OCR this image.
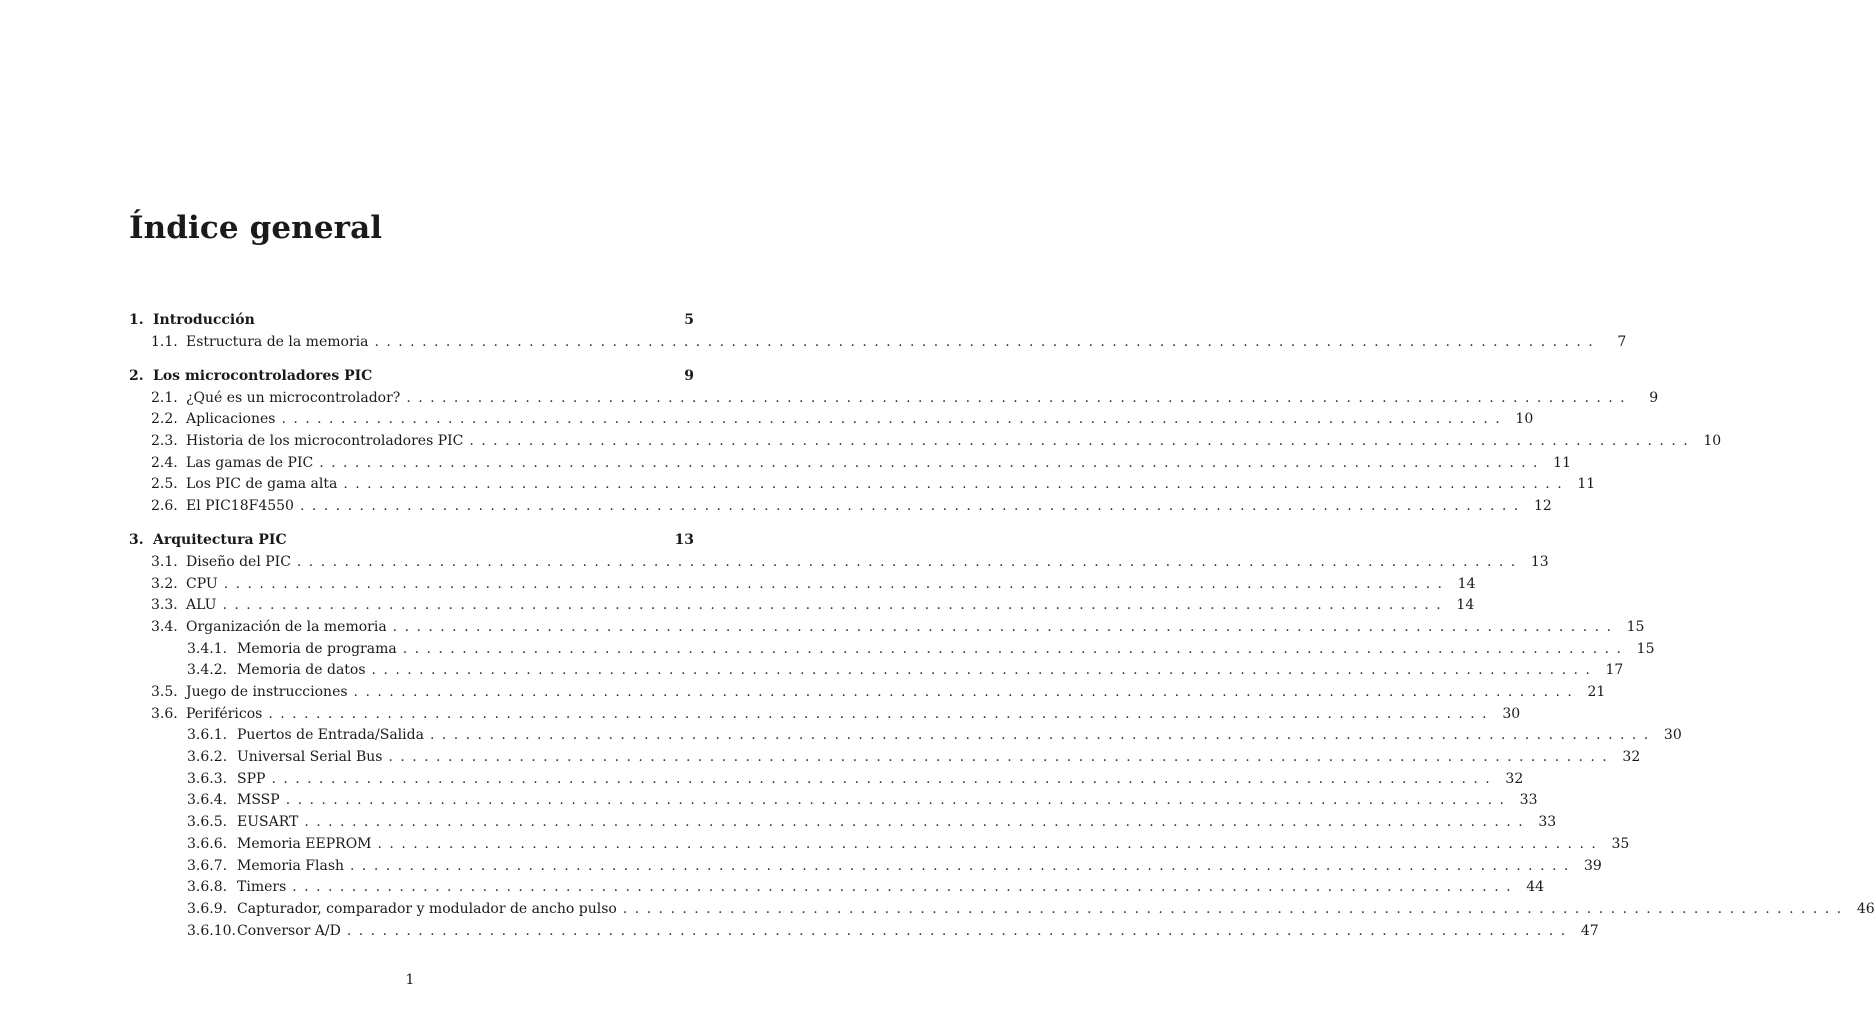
Índice general
1. Introducción	5
1.1. Estructura de la memoria . . .	7
2. Los microcontroladores PIC	9
2.1. ¿Qué es un microcontrolador? . . .	9
2.2. Aplicaciones . . .	10
2.3. Historia de los microcontroladores PIC . . .	10
2.4. Las gamas de PIC . . .	11
2.5. Los PIC de gama alta . . .	11
2.6. El PIC18F4550 . . .	12
3. Arquitectura PIC	13
3.1. Diseño del PIC . . .	13
3.2. CPU . . .	14
3.3. ALU . . .	14
3.4. Organización de la memoria . . .	15
3.4.1. Memoria de programa . . .	15
3.4.2. Memoria de datos . . .	17
3.5. Juego de instrucciones . . .	21
3.6. Periféricos . . .	30
3.6.1. Puertos de Entrada/Salida . . .	30
3.6.2. Universal Serial Bus . . .	32
3.6.3. SPP . . .	32
3.6.4. MSSP . . .	33
3.6.5. EUSART . . .	33
3.6.6. Memoria EEPROM . . .	35
3.6.7. Memoria Flash . . .	39
3.6.8. Timers . . .	44
3.6.9. Capturador, comparador y modulador de ancho pulso . . .	46
3.6.10. Conversor A/D . . .	47
1
